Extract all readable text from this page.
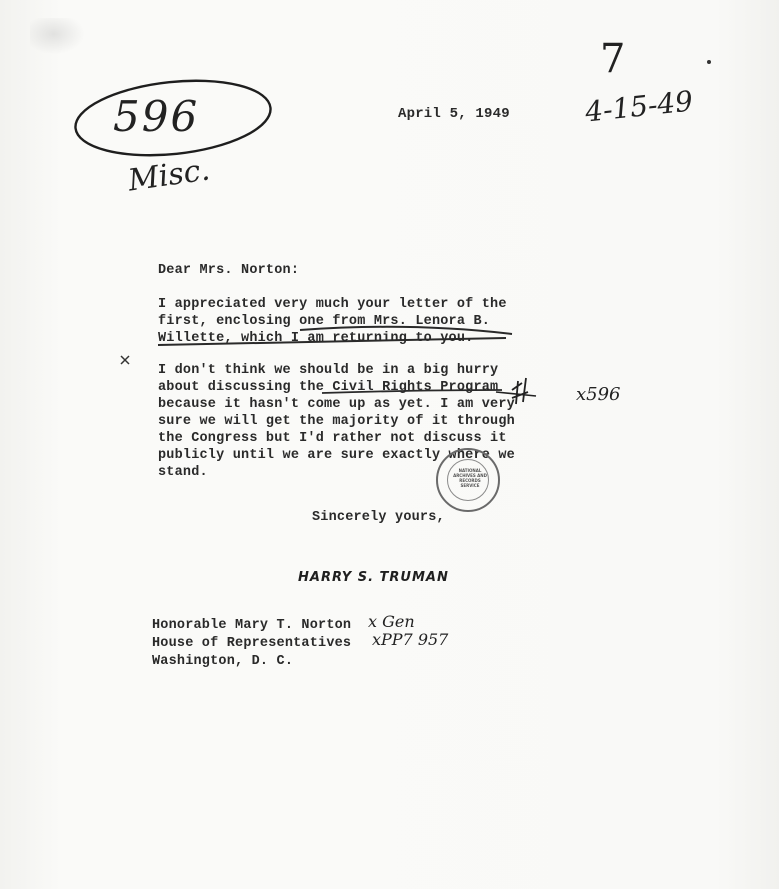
596
Misc.
April 5, 1949
7
4-15-49
Dear Mrs. Norton:
I appreciated very much your letter of the
first, enclosing one from Mrs. Lenora B.
Willette, which I am returning to you.
I don't think we should be in a big hurry
about discussing the Civil Rights Program
because it hasn't come up as yet. I am very
sure we will get the majority of it through
the Congress but I'd rather not discuss it
publicly until we are sure exactly where we
stand.
x596
NATIONAL ARCHIVES AND RECORDS SERVICE
Sincerely yours,
HARRY S. TRUMAN
Honorable Mary T. Norton
House of Representatives
Washington, D. C.
x Gen
xPP7 957
